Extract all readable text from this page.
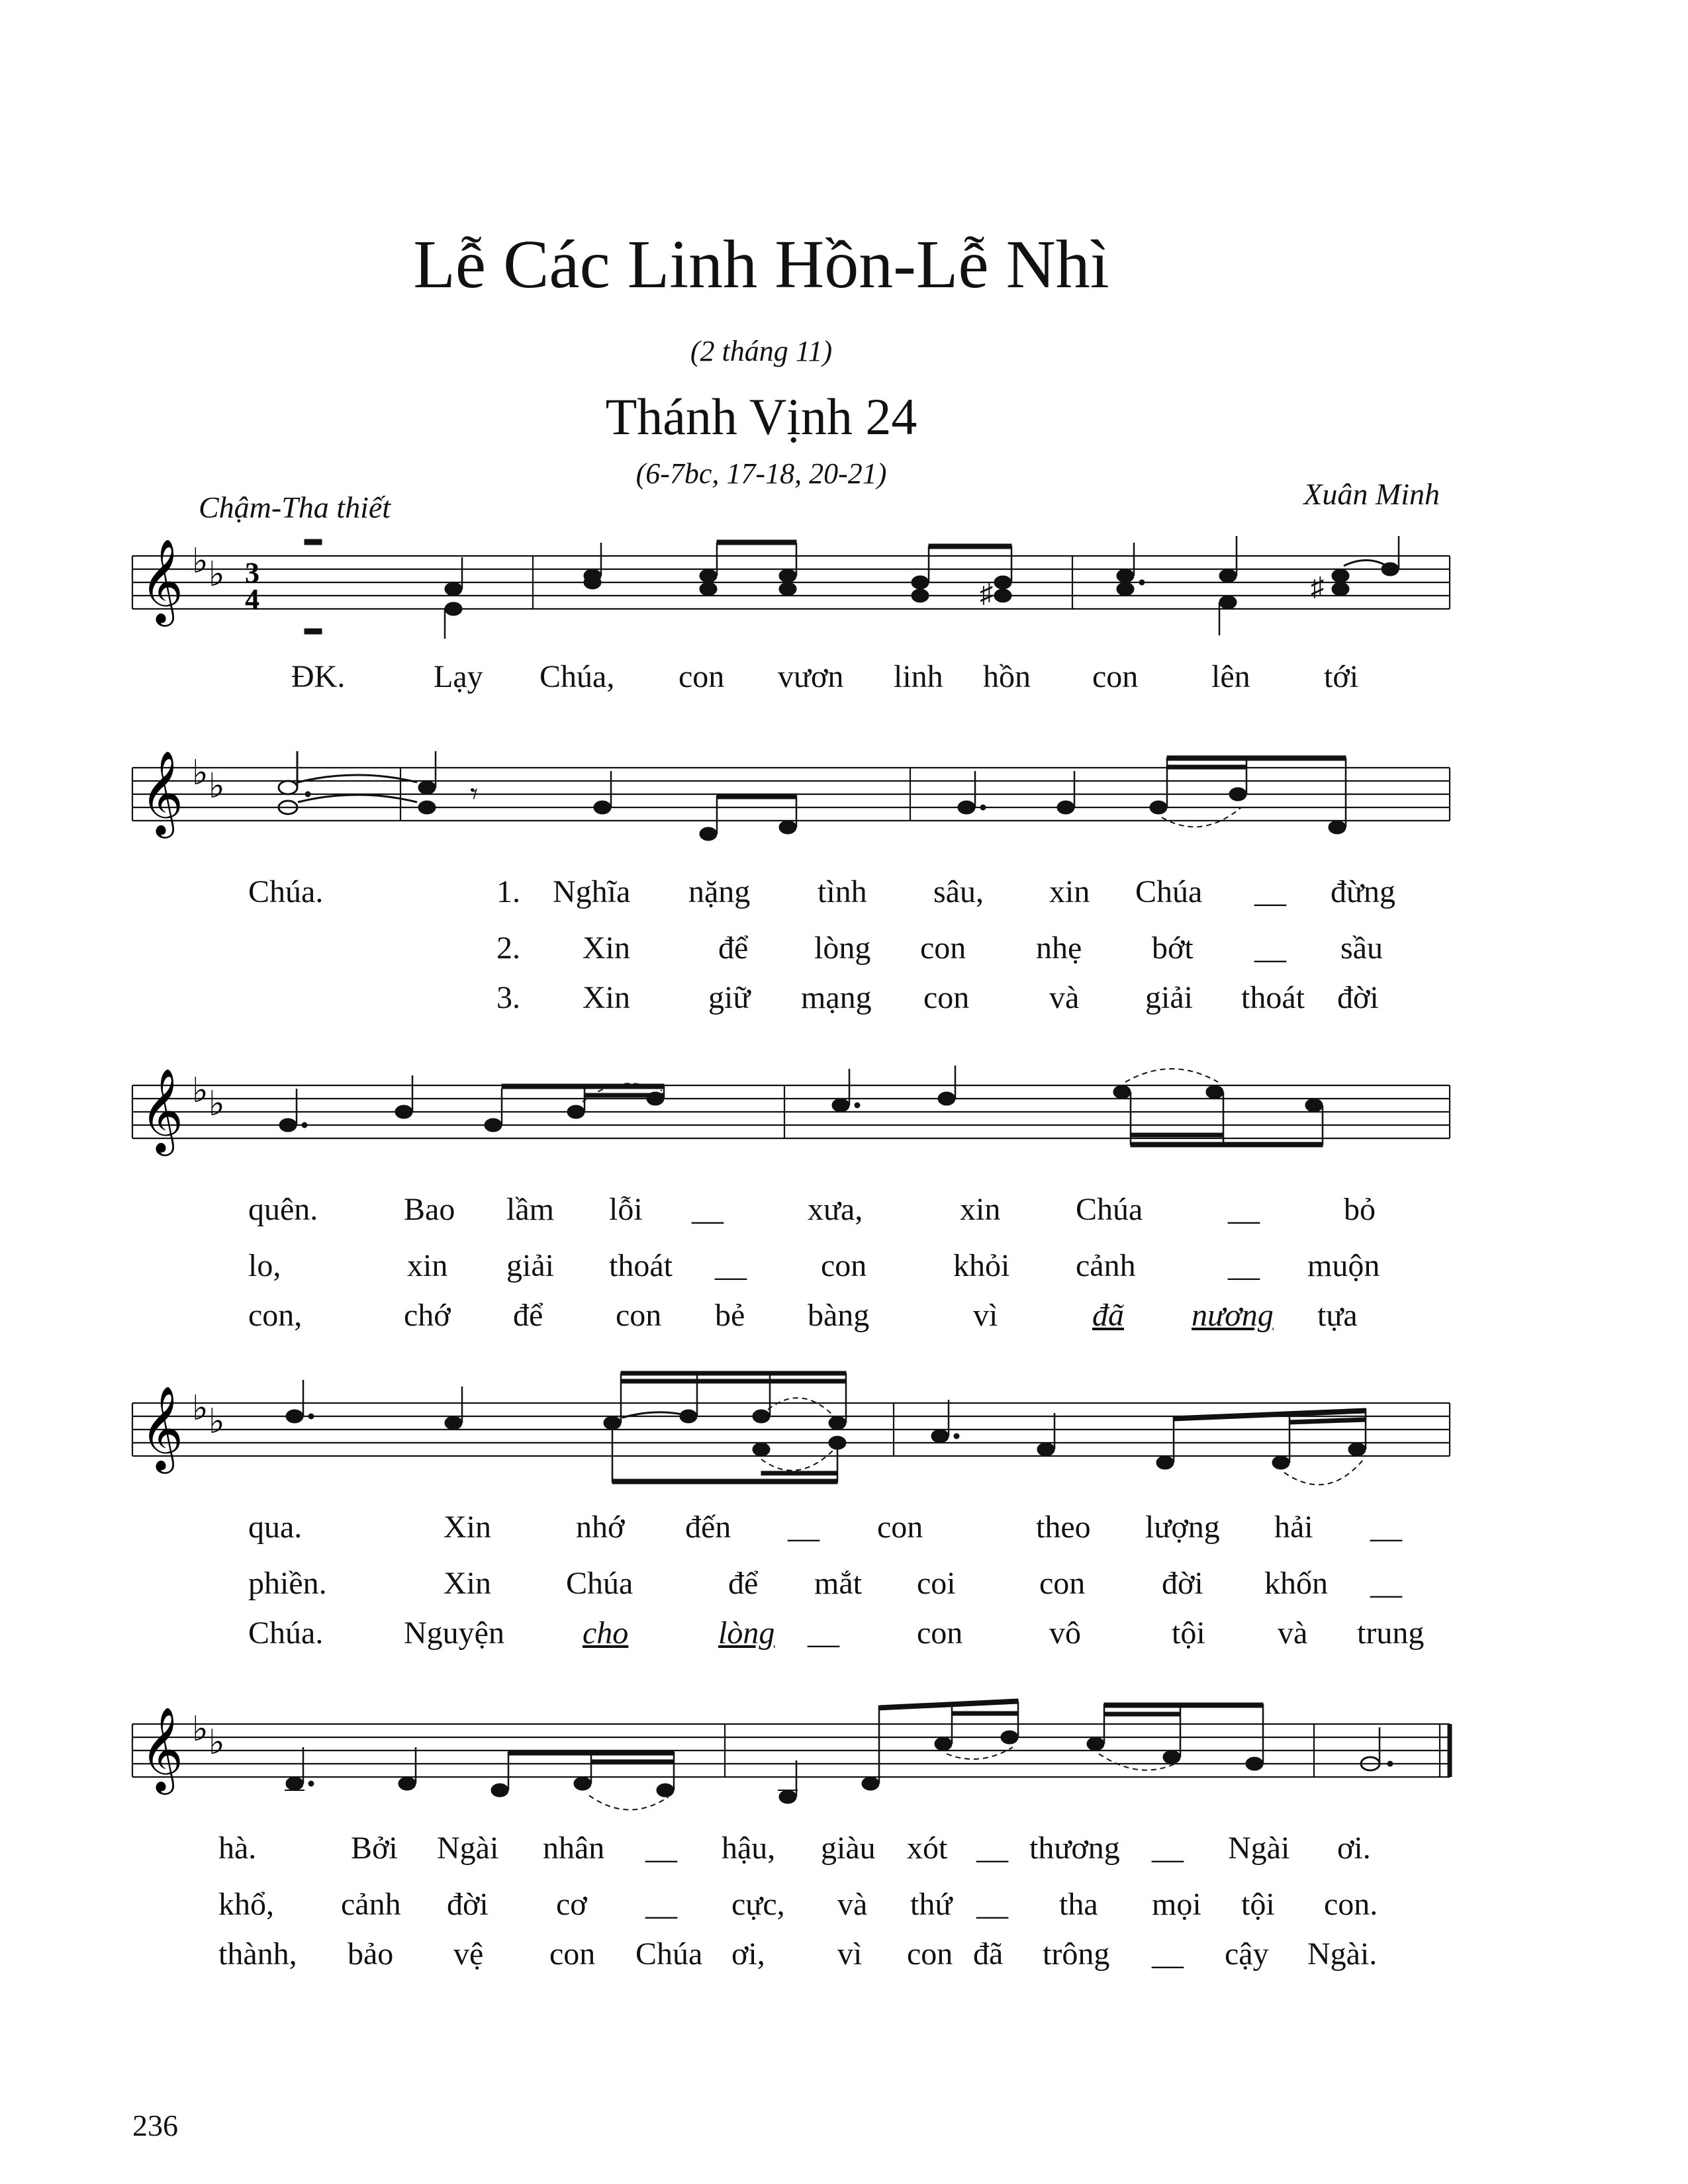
Lễ Các Linh Hồn-Lễ Nhì
(2 tháng 11)
Thánh Vịnh 24
(6-7bc, 17-18, 20-21)
Chậm-Tha thiết	Xuân Minh
𝄞 ♭ ♭ 3
4	♯	♯
ĐK.	Lạy Chúa, con vươn linh hồn con lên tới
𝄞 ♭ ♭	𝄾
Chúa.	1. Nghĩa nặng tình sâu, xin Chúa __ đừng
2. Xin	để lòng con nhẹ bớt __ sầu
3. Xin giữ mạng con	và giải thoát đời
𝄞 ♭ ♭
quên.	Bao lầm lỗi __	xưa,	xin Chúa	__	bỏ
lo,	xin giải thoát __ con	khỏi cảnh	__ muộn
con,	chớ để con bẻ bàng	vì	đã nương tựa
𝄞 ♭ ♭
qua.	Xin	nhớ đến __ con	theo lượng hải __
phiền.	Xin Chúa	để mắt coi	con đời khốn __
Chúa.	Nguyện cho	lòng __ con	vô	tội và trung
𝄞 ♭ ♭
hà.	Bởi Ngài nhân __ hậu, giàu xót __ thương __ Ngài ơi.
khổ, cảnh đời cơ __ cực, và thứ __ tha mọi tội con.
thành, bảo vệ con Chúa ơi, vì con đã trông __ cậy Ngài.
236
